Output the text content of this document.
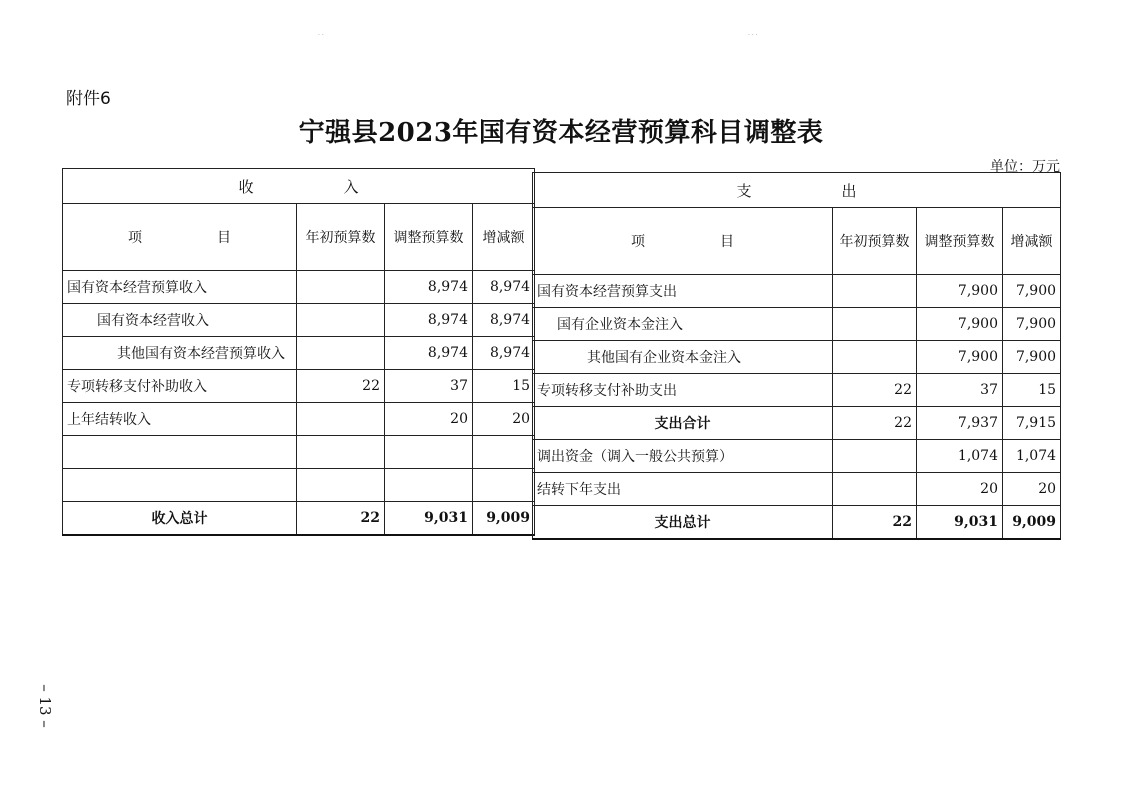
· ·	· · ·
附件6
宁强县2023年国有资本经营预算科目调整表
单位：万元
收 入			
项 目	年初预算数	调整预算数	增减额
国有资本经营预算收入		8,974	8,974
国有资本经营收入		8,974	8,974
其他国有资本经营预算收入		8,974	8,974
专项转移支付补助收入	22	37	15
上年结转收入		20	20

收入总计	22	9,031	9,009
支 出			
项 目	年初预算数	调整预算数	增减额
国有资本经营预算支出		7,900	7,900
国有企业资本金注入		7,900	7,900
其他国有企业资本金注入		7,900	7,900
专项转移支付补助支出	22	37	15
支出合计	22	7,937	7,915
调出资金（调入一般公共预算）		1,074	1,074
结转下年支出		20	20
支出总计	22	9,031	9,009
– 13 –
